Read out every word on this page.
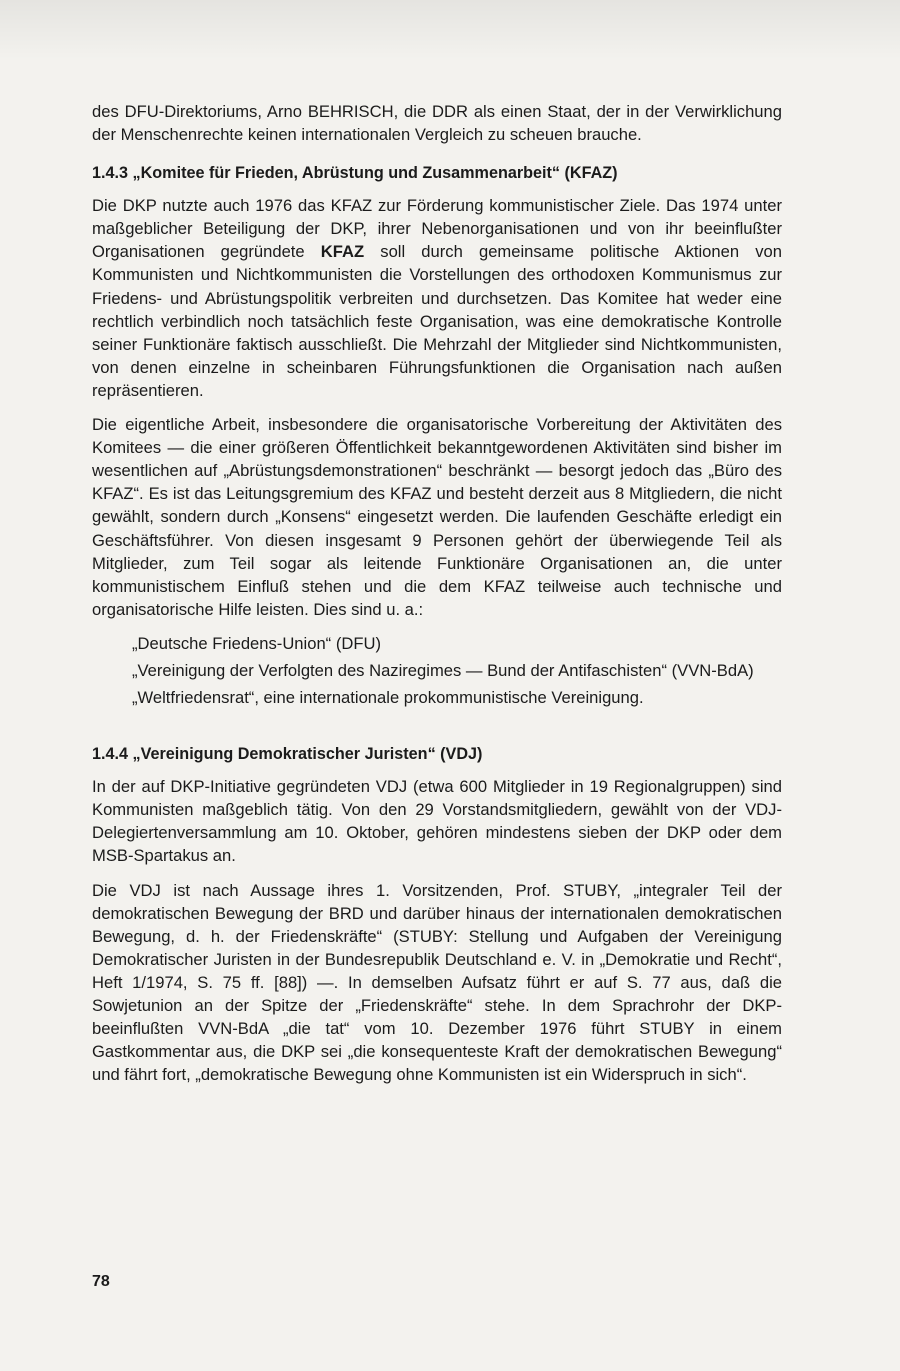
des DFU-Direktoriums, Arno BEHRISCH, die DDR als einen Staat, der in der Verwirklichung der Menschenrechte keinen internationalen Vergleich zu scheuen brauche.

1.4.3 „Komitee für Frieden, Abrüstung und Zusammenarbeit“ (KFAZ)

Die DKP nutzte auch 1976 das KFAZ zur Förderung kommunistischer Ziele. Das 1974 unter maßgeblicher Beteiligung der DKP, ihrer Nebenorganisationen und von ihr beeinflußter Organisationen gegründete KFAZ soll durch gemeinsame politische Aktionen von Kommunisten und Nichtkommunisten die Vorstellungen des orthodoxen Kommunismus zur Friedens- und Abrüstungspolitik verbreiten und durchsetzen. Das Komitee hat weder eine rechtlich verbindlich noch tatsächlich feste Organisation, was eine demokratische Kontrolle seiner Funktionäre faktisch ausschließt. Die Mehrzahl der Mitglieder sind Nichtkommunisten, von denen einzelne in scheinbaren Führungsfunktionen die Organisation nach außen repräsentieren.

Die eigentliche Arbeit, insbesondere die organisatorische Vorbereitung der Aktivitäten des Komitees — die einer größeren Öffentlichkeit bekanntgewordenen Aktivitäten sind bisher im wesentlichen auf „Abrüstungsdemonstrationen“ beschränkt — besorgt jedoch das „Büro des KFAZ“. Es ist das Leitungsgremium des KFAZ und besteht derzeit aus 8 Mitgliedern, die nicht gewählt, sondern durch „Konsens“ eingesetzt werden. Die laufenden Geschäfte erledigt ein Geschäftsführer. Von diesen insgesamt 9 Personen gehört der überwiegende Teil als Mitglieder, zum Teil sogar als leitende Funktionäre Organisationen an, die unter kommunistischem Einfluß stehen und die dem KFAZ teilweise auch technische und organisatorische Hilfe leisten. Dies sind u. a.:

„Deutsche Friedens-Union“ (DFU)
„Vereinigung der Verfolgten des Naziregimes — Bund der Antifaschisten“ (VVN-BdA)
„Weltfriedensrat“, eine internationale prokommunistische Vereinigung.
1.4.4 „Vereinigung Demokratischer Juristen“ (VDJ)

In der auf DKP-Initiative gegründeten VDJ (etwa 600 Mitglieder in 19 Regionalgruppen) sind Kommunisten maßgeblich tätig. Von den 29 Vorstandsmitgliedern, gewählt von der VDJ-Delegiertenversammlung am 10. Oktober, gehören mindestens sieben der DKP oder dem MSB-Spartakus an.

Die VDJ ist nach Aussage ihres 1. Vorsitzenden, Prof. STUBY, „integraler Teil der demokratischen Bewegung der BRD und darüber hinaus der internationalen demokratischen Bewegung, d. h. der Friedenskräfte“ (STUBY: Stellung und Aufgaben der Vereinigung Demokratischer Juristen in der Bundesrepublik Deutschland e. V. in „Demokratie und Recht“, Heft 1/1974, S. 75 ff. [88]) —. In demselben Aufsatz führt er auf S. 77 aus, daß die Sowjetunion an der Spitze der „Friedenskräfte“ stehe. In dem Sprachrohr der DKP-beeinflußten VVN-BdA „die tat“ vom 10. Dezember 1976 führt STUBY in einem Gastkommentar aus, die DKP sei „die konsequenteste Kraft der demokratischen Bewegung“ und fährt fort, „demokratische Bewegung ohne Kommunisten ist ein Widerspruch in sich“.

78
